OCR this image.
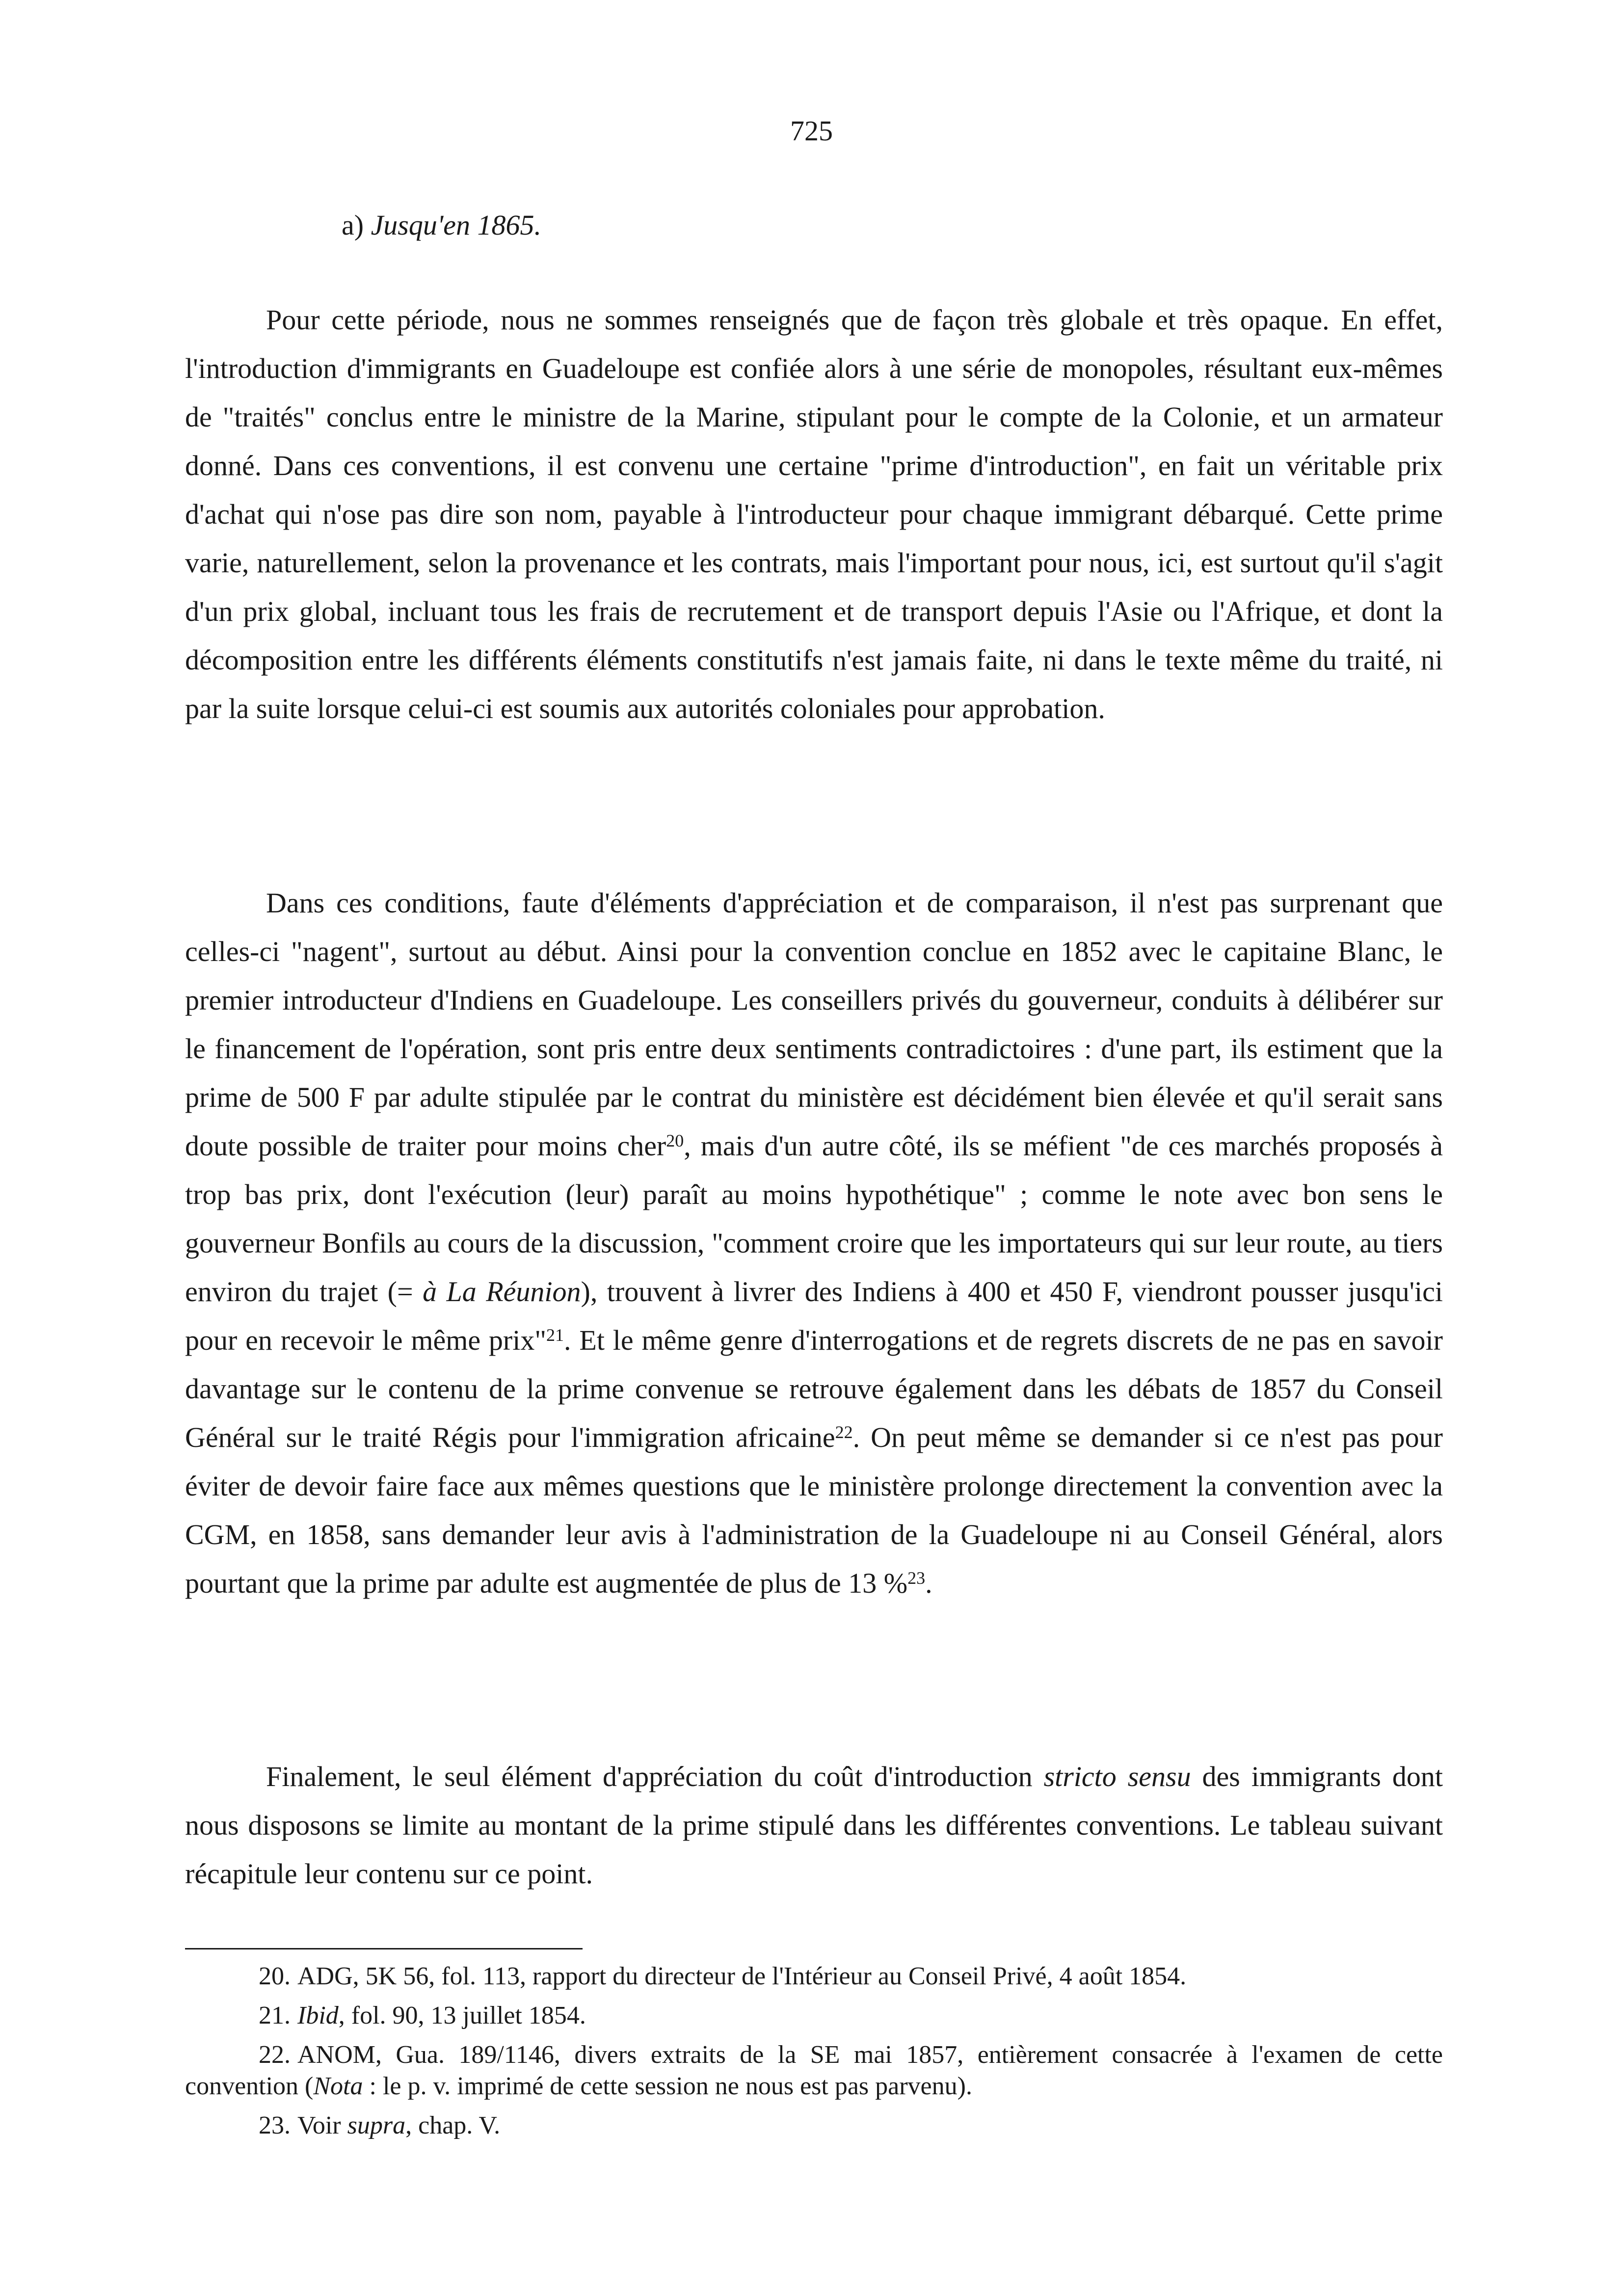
725
a) Jusqu'en 1865.

Pour cette période, nous ne sommes renseignés que de façon très globale et très opaque. En effet, l'introduction d'immigrants en Guadeloupe est confiée alors à une série de monopoles, résultant eux-mêmes de "traités" conclus entre le ministre de la Marine, stipulant pour le compte de la Colonie, et un armateur donné. Dans ces conventions, il est convenu une certaine "prime d'introduction", en fait un véritable prix d'achat qui n'ose pas dire son nom, payable à l'introducteur pour chaque immigrant débarqué. Cette prime varie, naturellement, selon la provenance et les contrats, mais l'important pour nous, ici, est surtout qu'il s'agit d'un prix global, incluant tous les frais de recrutement et de transport depuis l'Asie ou l'Afrique, et dont la décomposition entre les différents éléments constitutifs n'est jamais faite, ni dans le texte même du traité, ni par la suite lorsque celui-ci est soumis aux autorités coloniales pour approbation.

Dans ces conditions, faute d'éléments d'appréciation et de comparaison, il n'est pas surprenant que celles-ci "nagent", surtout au début. Ainsi pour la convention conclue en 1852 avec le capitaine Blanc, le premier introducteur d'Indiens en Guadeloupe. Les conseillers privés du gouverneur, conduits à délibérer sur le financement de l'opération, sont pris entre deux sentiments contradictoires : d'une part, ils estiment que la prime de 500 F par adulte stipulée par le contrat du ministère est décidément bien élevée et qu'il serait sans doute possible de traiter pour moins cher$^{20}$, mais d'un autre côté, ils se méfient "de ces marchés proposés à trop bas prix, dont l'exécution (leur) paraît au moins hypothétique" ; comme le note avec bon sens le gouverneur Bonfils au cours de la discussion, "comment croire que les importateurs qui sur leur route, au tiers environ du trajet (= à La Réunion), trouvent à livrer des Indiens à 400 et 450 F, viendront pousser jusqu'ici pour en recevoir le même prix"$^{21}$. Et le même genre d'interrogations et de regrets discrets de ne pas en savoir davantage sur le contenu de la prime convenue se retrouve également dans les débats de 1857 du Conseil Général sur le traité Régis pour l'immigration africaine$^{22}$. On peut même se demander si ce n'est pas pour éviter de devoir faire face aux mêmes questions que le ministère prolonge directement la convention avec la CGM, en 1858, sans demander leur avis à l'administration de la Guadeloupe ni au Conseil Général, alors pourtant que la prime par adulte est augmentée de plus de 13 %$^{23}$.

Finalement, le seul élément d'appréciation du coût d'introduction stricto sensu des immigrants dont nous disposons se limite au montant de la prime stipulé dans les différentes conventions. Le tableau suivant récapitule leur contenu sur ce point.

20. ADG, 5K 56, fol. 113, rapport du directeur de l'Intérieur au Conseil Privé, 4 août 1854.

21. Ibid, fol. 90, 13 juillet 1854.

22. ANOM, Gua. 189/1146, divers extraits de la SE mai 1857, entièrement consacrée à l'examen de cette convention (Nota : le p. v. imprimé de cette session ne nous est pas parvenu).

23. Voir supra, chap. V.
